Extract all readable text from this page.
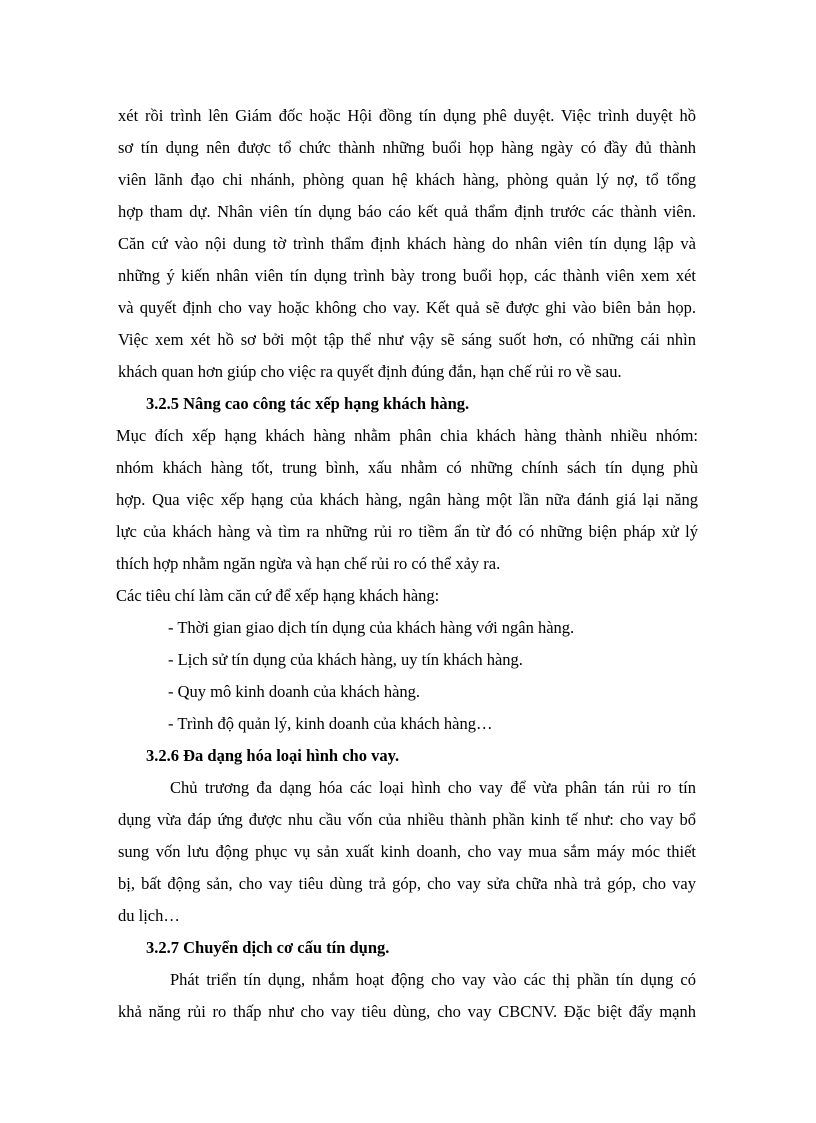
xét rồi trình lên Giám đốc hoặc Hội đồng tín dụng phê duyệt. Việc trình duyệt hồ
sơ tín dụng nên được tổ chức thành những buổi họp hàng ngày có đầy đủ thành
viên lãnh đạo chi nhánh, phòng quan hệ khách hàng, phòng quản lý nợ, tổ tổng
hợp tham dự. Nhân viên tín dụng báo cáo kết quả thẩm định trước các thành viên.
Căn cứ vào nội dung tờ trình thẩm định khách hàng do nhân viên tín dụng lập và
những ý kiến nhân viên tín dụng trình bày trong buổi họp, các thành viên xem xét
và quyết định cho vay hoặc không cho vay. Kết quả sẽ được ghi vào biên bản họp.
Việc xem xét hồ sơ bởi một tập thể như vậy sẽ sáng suốt hơn, có những cái nhìn
khách quan hơn giúp cho việc ra quyết định đúng đắn, hạn chế rủi ro về sau.
3.2.5 Nâng cao công tác xếp hạng khách hàng.
Mục đích xếp hạng khách hàng nhằm phân chia khách hàng thành nhiều nhóm:
nhóm khách hàng tốt, trung bình, xấu nhằm có những chính sách tín dụng phù
hợp. Qua việc xếp hạng của khách hàng, ngân hàng một lần nữa đánh giá lại năng
lực của khách hàng và tìm ra những rủi ro tiềm ẩn từ đó có những biện pháp xử lý
thích hợp nhằm ngăn ngừa và hạn chế rủi ro có thể xảy ra.
Các tiêu chí làm căn cứ để xếp hạng khách hàng:
- Thời gian giao dịch tín dụng của khách hàng với ngân hàng.
- Lịch sử tín dụng của khách hàng, uy tín khách hàng.
- Quy mô kinh doanh của khách hàng.
- Trình độ quản lý, kinh doanh của khách hàng…
3.2.6 Đa dạng hóa loại hình cho vay.
Chủ trương đa dạng hóa các loại hình cho vay để vừa phân tán rủi ro tín
dụng vừa đáp ứng được nhu cầu vốn của nhiều thành phần kinh tế như: cho vay bổ
sung vốn lưu động phục vụ sản xuất kinh doanh, cho vay mua sắm máy móc thiết
bị, bất động sản, cho vay tiêu dùng trả góp, cho vay sửa chữa nhà trả góp, cho vay
du lịch…
3.2.7 Chuyển dịch cơ cấu tín dụng.
Phát triển tín dụng, nhắm hoạt động cho vay vào các thị phần tín dụng có
khả năng rủi ro thấp như cho vay tiêu dùng, cho vay CBCNV. Đặc biệt đẩy mạnh
